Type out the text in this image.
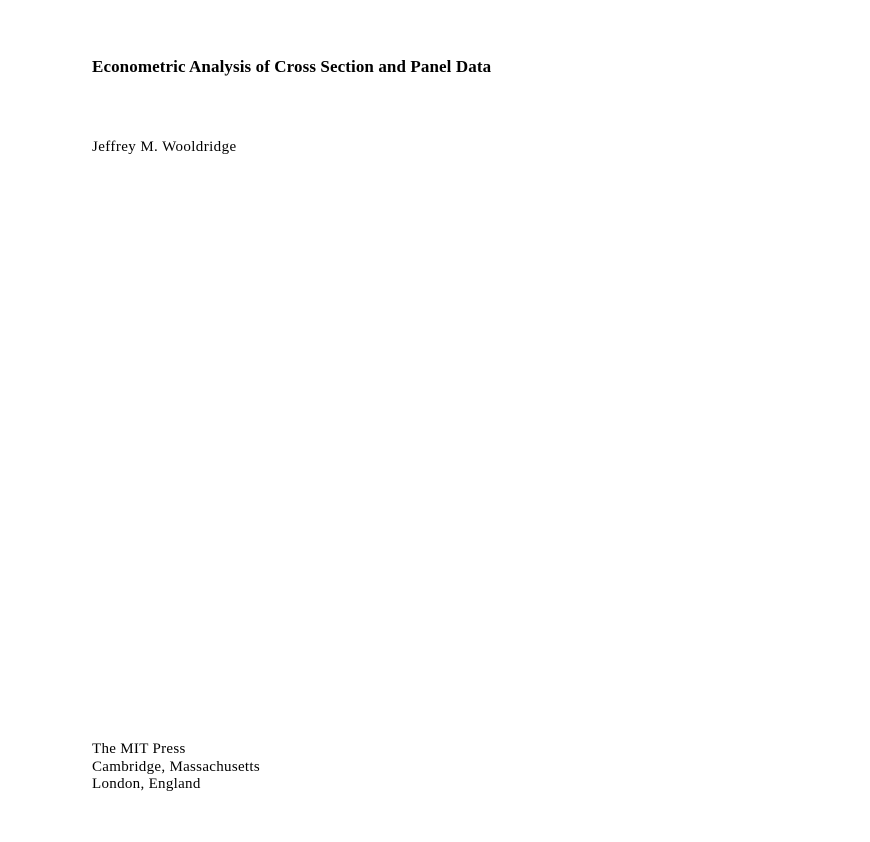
Econometric Analysis of Cross Section and Panel Data
Jeffrey M. Wooldridge
The MIT Press
Cambridge, Massachusetts
London, England
